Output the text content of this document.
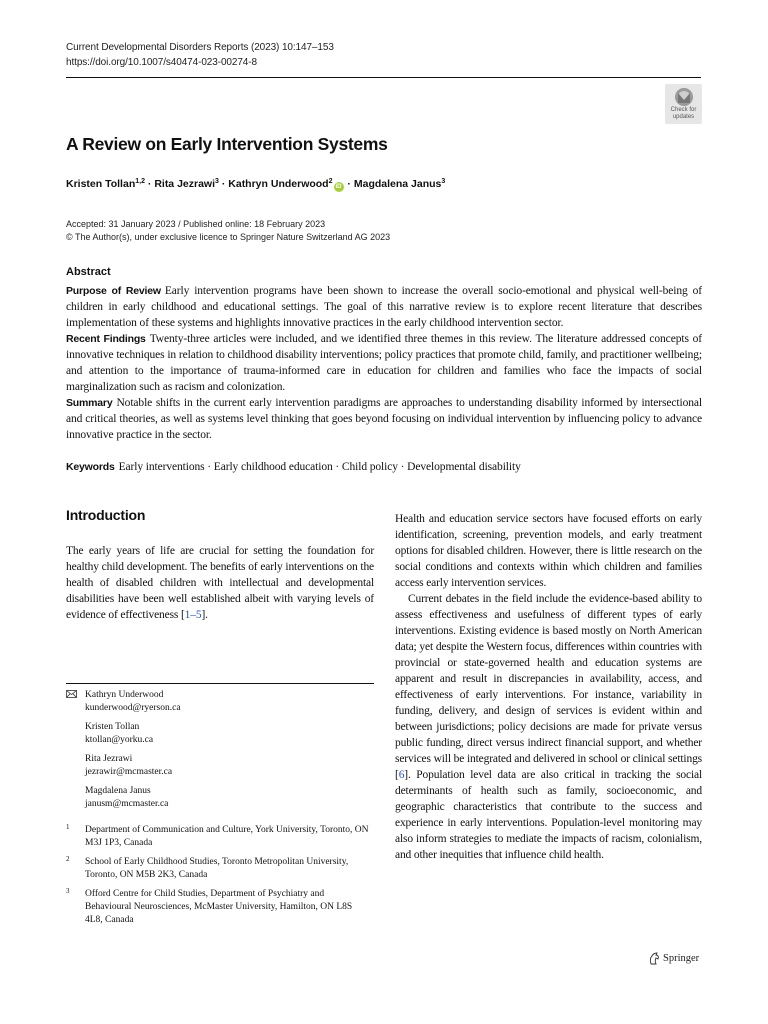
Current Developmental Disorders Reports (2023) 10:147–153
https://doi.org/10.1007/s40474-023-00274-8
Check for
updates
A Review on Early Intervention Systems
Kristen Tollan$^{1,2}$ · Rita Jezrawi$^3$ · Kathryn Underwood$^2$iD · Magdalena Janus$^3$
Accepted: 31 January 2023 / Published online: 18 February 2023
© The Author(s), under exclusive licence to Springer Nature Switzerland AG 2023
Abstract

Purpose of Review Early intervention programs have been shown to increase the overall socio-emotional and physical well-being of children in early childhood and educational settings. The goal of this narrative review is to explore recent literature that describes implementation of these systems and highlights innovative practices in the early childhood intervention sector.

Recent Findings Twenty-three articles were included, and we identified three themes in this review. The literature addressed concepts of innovative techniques in relation to childhood disability interventions; policy practices that promote child, family, and practitioner wellbeing; and attention to the importance of trauma-informed care in education for children and families who face the impacts of social marginalization such as racism and colonization.

Summary Notable shifts in the current early intervention paradigms are approaches to understanding disability informed by intersectional and critical theories, as well as systems level thinking that goes beyond focusing on individual intervention by influencing policy to advance innovative practice in the sector.

Keywords Early interventions · Early childhood education · Child policy · Developmental disability
Introduction
The early years of life are crucial for setting the foundation for healthy child development. The benefits of early interventions on the health of disabled children with intellectual and developmental disabilities have been well established albeit with varying levels of evidence of effectiveness [1–5].

Health and education service sectors have focused efforts on early identification, screening, prevention models, and early treatment options for disabled children. However, there is little research on the social conditions and contexts within which children and families access early intervention services.

Current debates in the field include the evidence-based ability to assess effectiveness and usefulness of different types of early interventions. Existing evidence is based mostly on North American data; yet despite the Western focus, differences within countries with provincial or state-governed health and education systems are apparent and result in discrepancies in availability, access, and effectiveness of early interventions. For instance, variability in funding, delivery, and design of services is evident within and between jurisdictions; policy decisions are made for private versus public funding, direct versus indirect financial support, and whether services will be integrated and delivered in school or clinical settings [6]. Population level data are also critical in tracking the social determinants of health such as family, socioeconomic, and geographic characteristics that contribute to the success and experience in early interventions. Population-level monitoring may also inform strategies to mediate the impacts of racism, colonialism, and other inequities that influence child health.

Kathryn Underwood
kunderwood@ryerson.ca
Kristen Tollan
ktollan@yorku.ca
Rita Jezrawi
jezrawir@mcmaster.ca
Magdalena Janus
janusm@mcmaster.ca
1 Department of Communication and Culture, York University, Toronto, ON M3J 1P3, Canada
2 School of Early Childhood Studies, Toronto Metropolitan University, Toronto, ON M5B 2K3, Canada
3 Offord Centre for Child Studies, Department of Psychiatry and Behavioural Neurosciences, McMaster University, Hamilton, ON L8S 4L8, Canada
Springer
